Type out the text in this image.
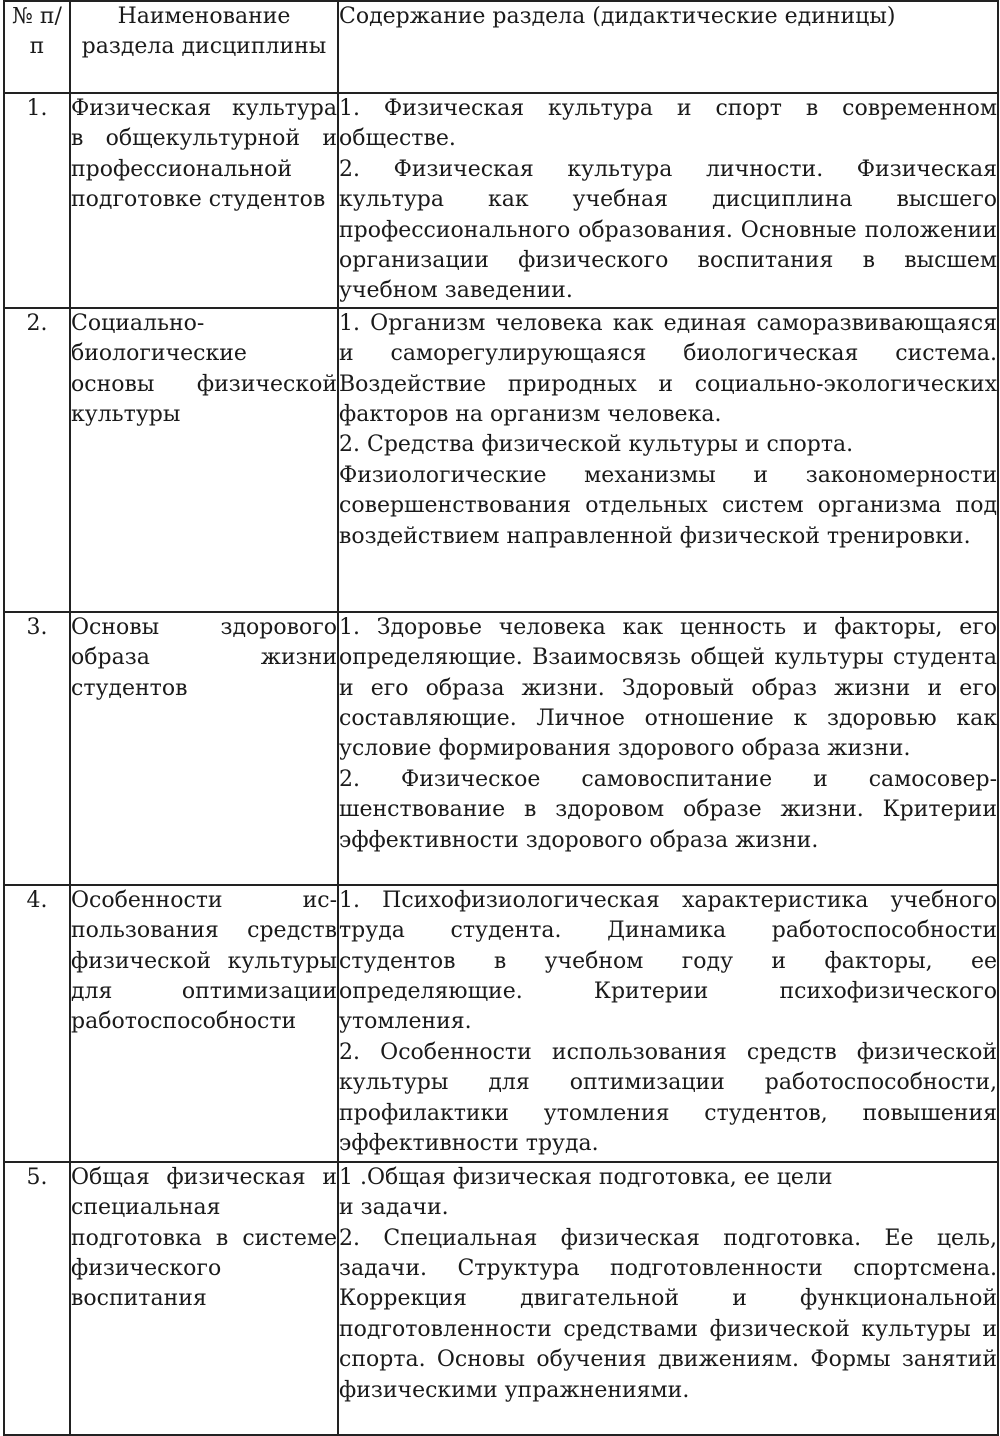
№ п/ п	Наименование раздела дисциплины	Содержание раздела (дидактические единицы)
1.	Физическая культура в общекультурной и профессиональной подготовке студентов	1. Физическая культура и спорт в современном обществе.
2. Физическая культура личности. Физическая культура как учебная дисциплина высшего профессионального образования. Основные положении организации физического воспитания в высшем учебном заведении.

2.	Социально-биологические основы физической культуры	1. Организм человека как единая саморазвивающаяся и саморегулирующаяся биологическая система. Воздействие природных и социально-экологических факторов на организм человека.
2. Средства физической культуры и спорта.
Физиологические механизмы и закономерности совершенствования отдельных систем организма под воздействием направленной физической тренировки.

3.	Основы здорового образа жизни студентов	1. Здоровье человека как ценность и факторы, его определяющие. Взаимосвязь общей культуры студента и его образа жизни. Здоровый образ жизни и его составляющие. Личное отношение к здоровью как условие формирования здорового образа жизни.
2. Физическое самовоспитание и самосовершенствование в здоровом образе жизни. Критерии эффективности здорового образа жизни.

4.	Особенности использования средств физической культуры для оптимизации работоспособности	1. Психофизиологическая характеристика учебного труда студента. Динамика работоспособности студентов в учебном году и факторы, ее определяющие. Критерии психофизического утомления.
2. Особенности использования средств физической культуры для оптимизации работоспособности, профилактики утомления студентов, повышения эффективности труда.

5.	Общая физическая и специальная подготовка в системе физического воспитания	1 .Общая физическая подготовка, ее цели
и задачи.
2. Специальная физическая подготовка. Ее цель, задачи. Структура подготовленности спортсмена. Коррекция двигательной и функциональной подготовленности средствами физической культуры и спорта. Основы обучения движениям. Формы занятий физическими упражнениями.
